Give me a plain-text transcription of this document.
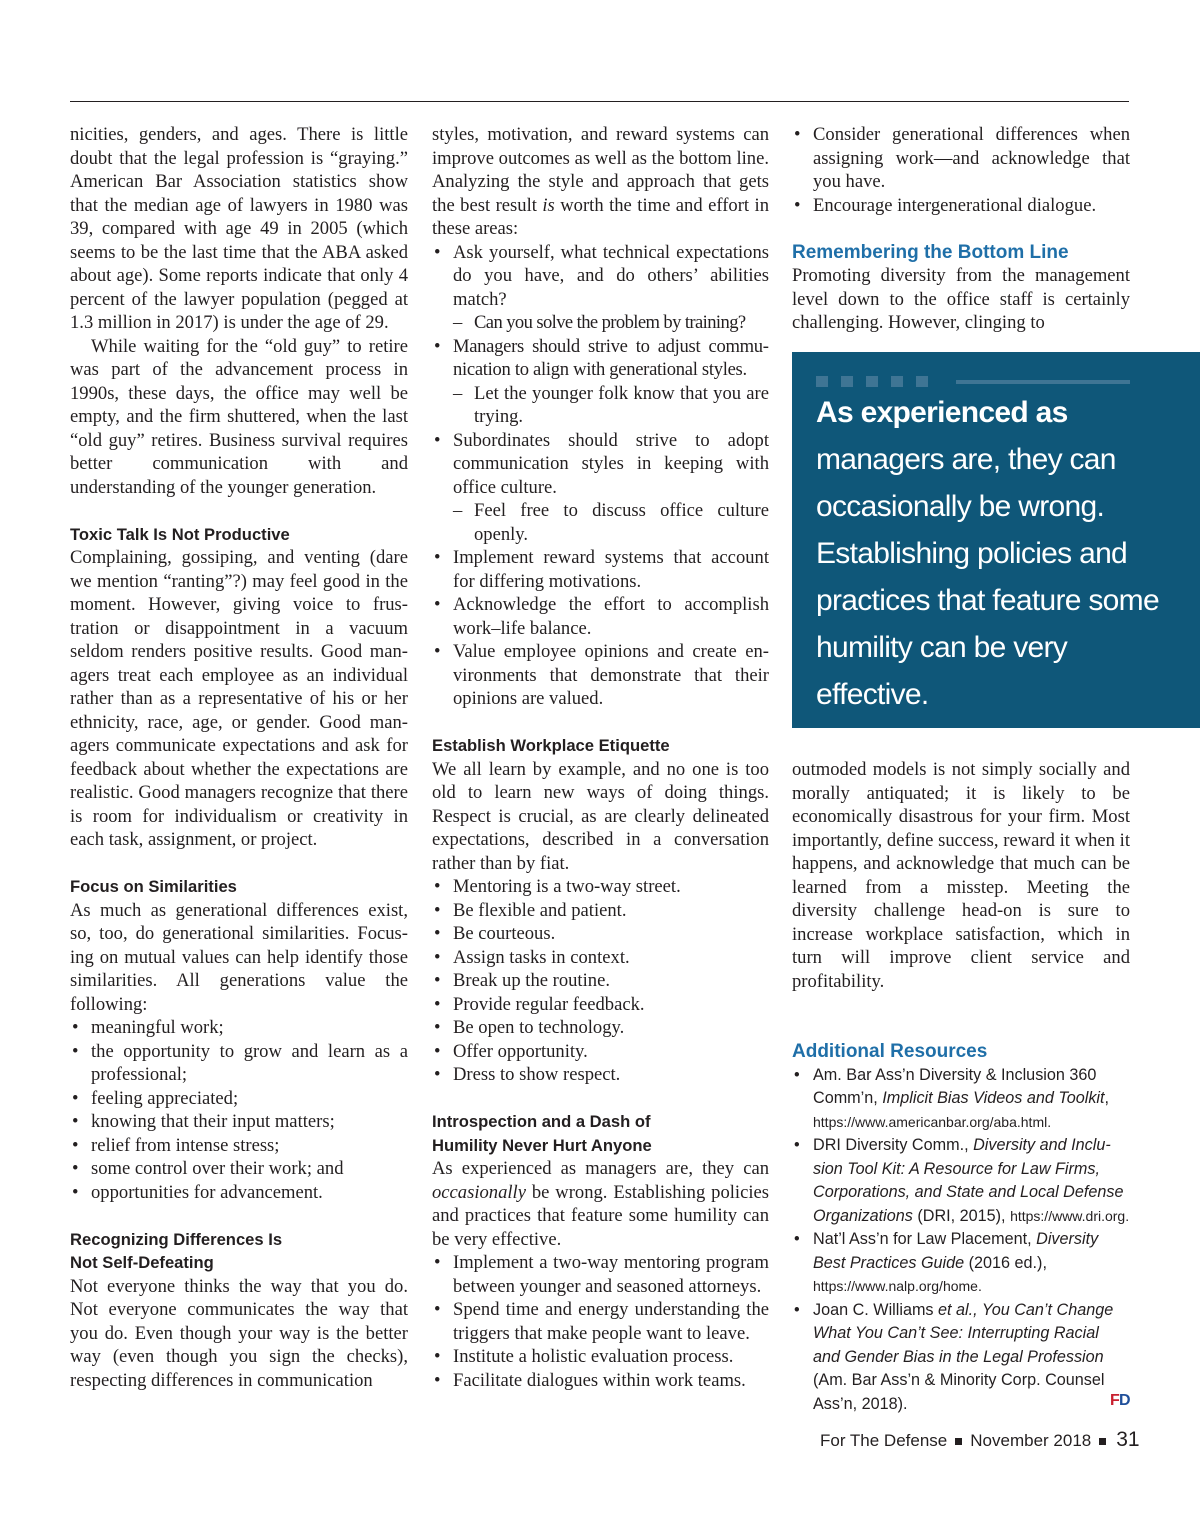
nicities, genders, and ages. There is little doubt that the legal profession is “graying.” American Bar Association statistics show that the median age of lawyers in 1980 was 39, compared with age 49 in 2005 (which seems to be the last time that the ABA asked about age). Some reports indicate that only 4 percent of the lawyer population (pegged at 1.3 million in 2017) is under the age of 29.

While waiting for the “old guy” to retire was part of the advancement process in 1990s, these days, the office may well be empty, and the firm shuttered, when the last “old guy” retires. Business survival requires better communication with and understanding of the younger generation.

Toxic Talk Is Not Productive

Complaining, gossiping, and venting (dare we mention “ranting”?) may feel good in the moment. However, giving voice to frustration or disappointment in a vacuum seldom renders positive results. Good managers treat each employee as an individual rather than as a representative of his or her ethnicity, race, age, or gender. Good managers communicate expectations and ask for feedback about whether the expectations are realistic. Good managers recognize that there is room for individualism or creativity in each task, assignment, or project.

Focus on Similarities

As much as generational differences exist, so, too, do generational similarities. Focusing on mutual values can help identify those similarities. All generations value the following:

• meaningful work;
• the opportunity to grow and learn as a professional;
• feeling appreciated;
• knowing that their input matters;
• relief from intense stress;
• some control over their work; and
• opportunities for advancement.
Recognizing Differences Is
Not Self-Defeating

Not everyone thinks the way that you do. Not everyone communicates the way that you do. Even though your way is the better way (even though you sign the checks), respecting differences in communication

styles, motivation, and reward systems can improve outcomes as well as the bottom line. Analyzing the style and approach that gets the best result is worth the time and effort in these areas:

• Ask yourself, what technical expectations do you have, and do others’ abilities match?
– Can you solve the problem by training?
• Managers should strive to adjust communication to align with generational styles.
– Let the younger folk know that you are trying.
• Subordinates should strive to adopt communication styles in keeping with office culture.
– Feel free to discuss office culture openly.
• Implement reward systems that account for differing motivations.
• Acknowledge the effort to accomplish work–life balance.
• Value employee opinions and create environments that demonstrate that their opinions are valued.
Establish Workplace Etiquette

We all learn by example, and no one is too old to learn new ways of doing things. Respect is crucial, as are clearly delineated expectations, described in a conversation rather than by fiat.

• Mentoring is a two-way street.
• Be flexible and patient.
• Be courteous.
• Assign tasks in context.
• Break up the routine.
• Provide regular feedback.
• Be open to technology.
• Offer opportunity.
• Dress to show respect.
Introspection and a Dash of
Humility Never Hurt Anyone

As experienced as managers are, they can occasionally be wrong. Establishing policies and practices that feature some humility can be very effective.

• Implement a two-way mentoring program between younger and seasoned attorneys.
• Spend time and energy understanding the triggers that make people want to leave.
• Institute a holistic evaluation process.
• Facilitate dialogues within work teams.
• Consider generational differences when assigning work—and acknowledge that you have.
• Encourage intergenerational dialogue.
Remembering the Bottom Line

Promoting diversity from the management level down to the office staff is certainly challenging. However, clinging to

As experienced as managers are, they can occasionally be wrong. Establishing policies and practices that feature some humility can be very effective.

outmoded models is not simply socially and morally antiquated; it is likely to be economically disastrous for your firm. Most importantly, define success, reward it when it happens, and acknowledge that much can be learned from a misstep. Meeting the diversity challenge head-on is sure to increase workplace satisfaction, which in turn will improve client service and profitability.

Additional Resources
• Am. Bar Ass’n Diversity & Inclusion 360 Comm’n, Implicit Bias Videos and Toolkit, https://www.americanbar.org/aba.html.
• DRI Diversity Comm., Diversity and Inclusion Tool Kit: A Resource for Law Firms, Corporations, and State and Local Defense Organizations (DRI, 2015), https://www.dri.org.
• Nat’l Ass’n for Law Placement, Diversity Best Practices Guide (2016 ed.), https://www.nalp.org/home.
• Joan C. Williams et al., You Can’t Change What You Can’t See: Interrupting Racial and Gender Bias in the Legal Profession (Am. Bar Ass’n & Minority Corp. Counsel Ass’n, 2018).	F D
For The Defense November 2018 31
